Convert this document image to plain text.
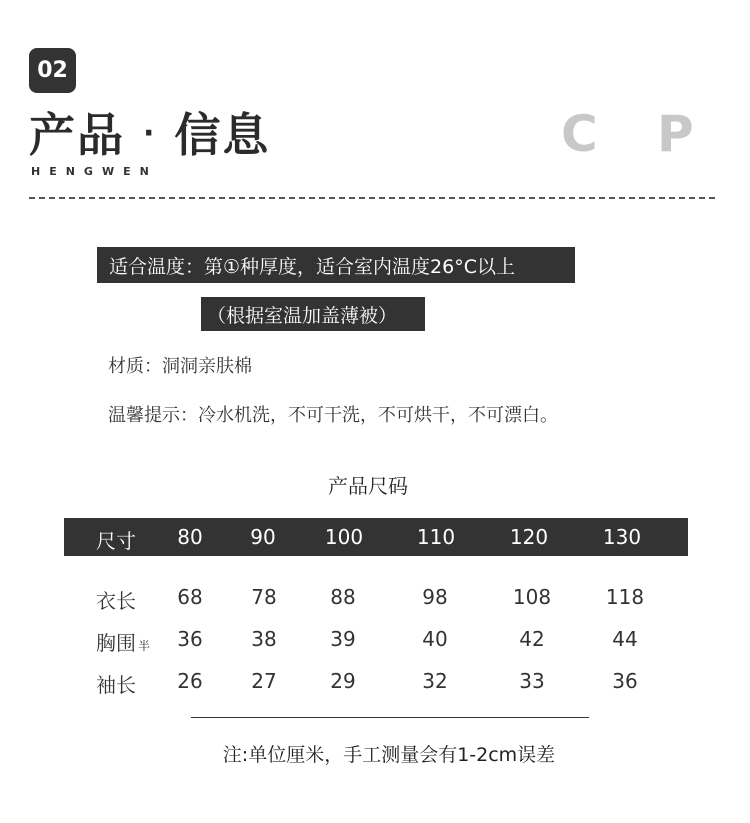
02
产品 · 信息
HENGWEN
C P
适合温度：第①种厚度，适合室内温度26°C以上
（根据室温加盖薄被）
材质：洞洞亲肤棉
温馨提示：冷水机洗，不可干洗，不可烘干，不可漂白。
产品尺码
尺寸 80 90 100	110	120	130
衣长 68 78	88	98	108	118
胸围 半 36 38	39	40	42	44
袖长 26 27	29	32	33	36
注:单位厘米，手工测量会有1-2cm误差
